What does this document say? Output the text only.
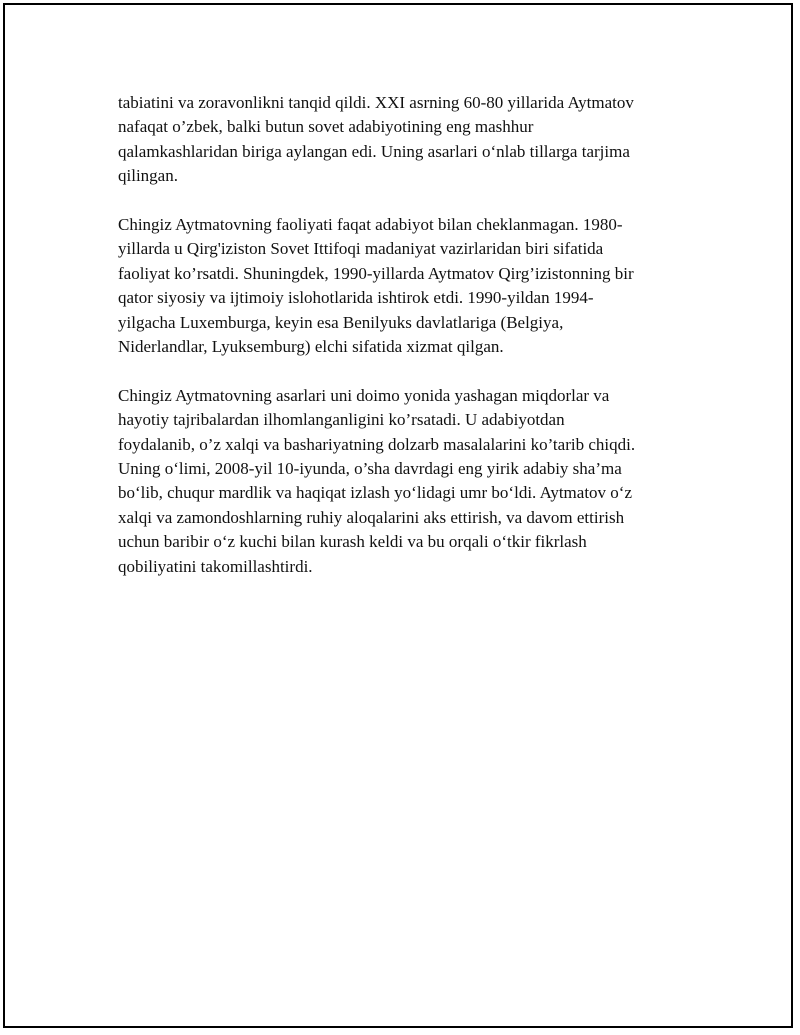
tabiatini va zoravonlikni tanqid qildi. XXI asrning 60-80 yillarida Aytmatov
nafaqat o’zbek, balki butun sovet adabiyotining eng mashhur
qalamkashlaridan biriga aylangan edi. Uning asarlari oʻnlab tillarga tarjima
qilingan.

Chingiz Aytmatovning faoliyati faqat adabiyot bilan cheklanmagan. 1980-
yillarda u Qirg'iziston Sovet Ittifoqi madaniyat vazirlaridan biri sifatida
faoliyat ko’rsatdi. Shuningdek, 1990-yillarda Aytmatov Qirg’izistonning bir
qator siyosiy va ijtimoiy islohotlarida ishtirok etdi. 1990-yildan 1994-
yilgacha Luxemburga, keyin esa Benilyuks davlatlariga (Belgiya,
Niderlandlar, Lyuksemburg) elchi sifatida xizmat qilgan.

Chingiz Aytmatovning asarlari uni doimo yonida yashagan miqdorlar va
hayotiy tajribalardan ilhomlanganligini ko’rsatadi. U adabiyotdan
foydalanib, o’z xalqi va bashariyatning dolzarb masalalarini ko’tarib chiqdi.
Uning oʻlimi, 2008-yil 10-iyunda, o’sha davrdagi eng yirik adabiy sha’ma
boʻlib, chuqur mardlik va haqiqat izlash yoʻlidagi umr boʻldi. Aytmatov oʻz
xalqi va zamondoshlarning ruhiy aloqalarini aks ettirish, va davom ettirish
uchun baribir oʻz kuchi bilan kurash keldi va bu orqali oʻtkir fikrlash
qobiliyatini takomillashtirdi.
